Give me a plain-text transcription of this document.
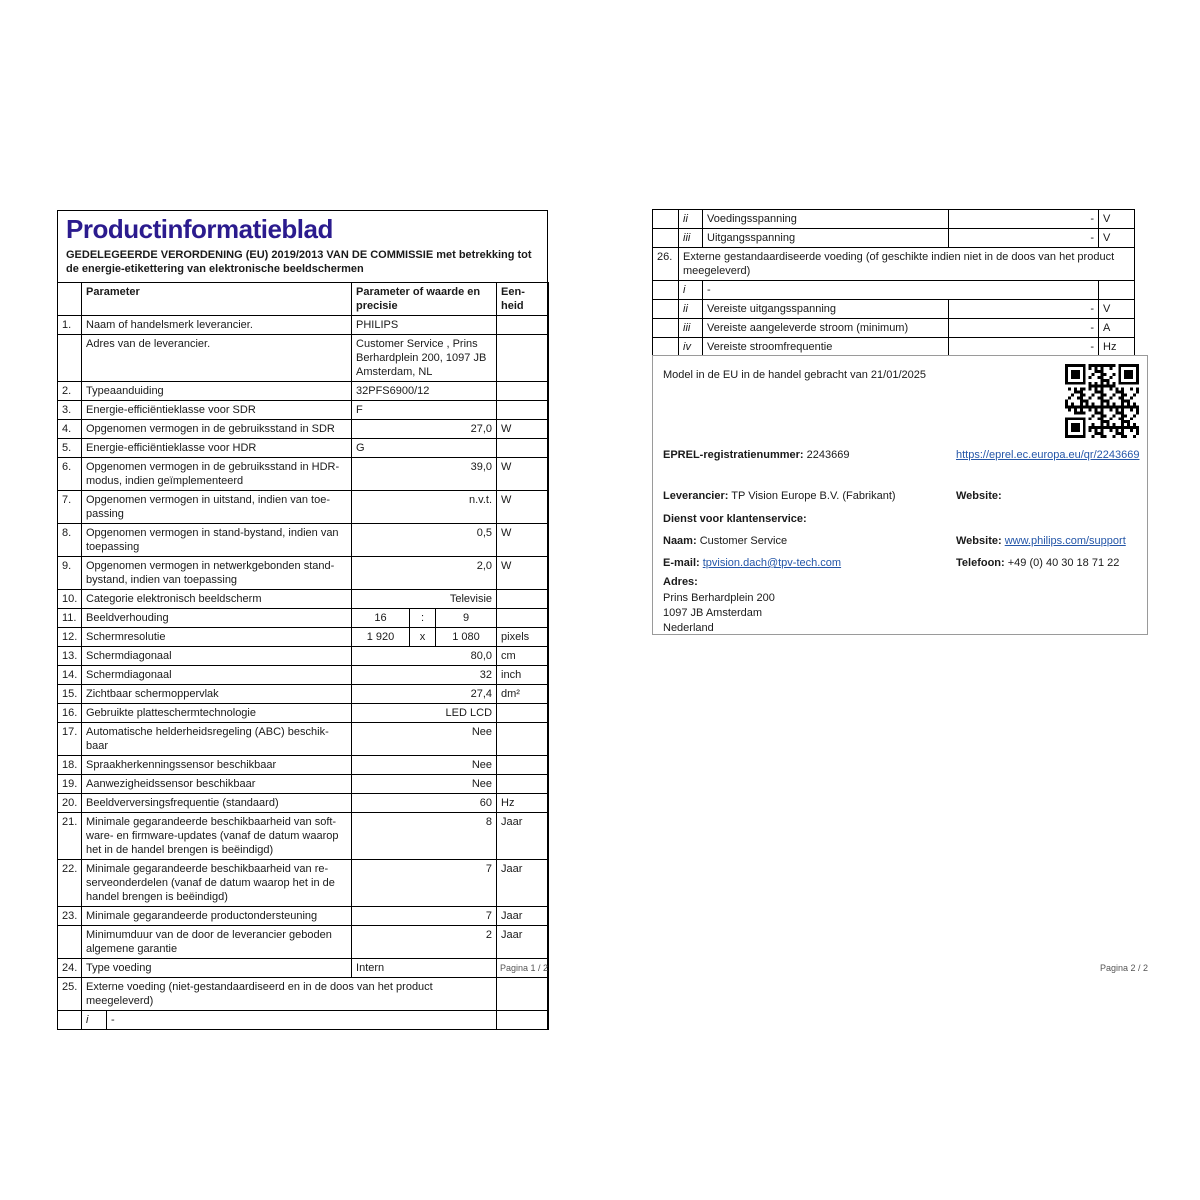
Productinformatieblad

GEDELEGEERDE VERORDENING (EU) 2019/2013 VAN DE COMMISSIE met betrekking tot de energie-etikettering van elektronische beeldschermen

	Parameter		Parameter of waarde en precisie			Een-heid
1.	Naam of handelsmerk leverancier.		PHILIPS			
	Adres van de leverancier.		Customer Service , Prins Berhardplein 200, 1097 JB Amsterdam, NL			
2.	Typeaanduiding		32PFS6900/12			
3.	Energie-efficiëntieklasse voor SDR		F			
4.	Opgenomen vermogen in de gebruiksstand in SDR		27,0			W
5.	Energie-efficiëntieklasse voor HDR		G			
6.	Opgenomen vermogen in de gebruiksstand in HDR-modus, indien geïmplementeerd		39,0			W
7.	Opgenomen vermogen in uitstand, indien van toe-passing		n.v.t.			W
8.	Opgenomen vermogen in stand-bystand, indien van toepassing		0,5			W
9.	Opgenomen vermogen in netwerkgebonden stand-bystand, indien van toepassing		2,0			W
10.	Categorie elektronisch beeldscherm		Televisie			
11.	Beeldverhouding		16	:	9	
12.	Schermresolutie		1 920	x	1 080	pixels
13.	Schermdiagonaal		80,0			cm
14.	Schermdiagonaal		32			inch
15.	Zichtbaar schermoppervlak		27,4			dm²
16.	Gebruikte platteschermtechnologie		LED LCD			
17.	Automatische helderheidsregeling (ABC) beschik-baar		Nee			
18.	Spraakherkenningssensor beschikbaar		Nee			
19.	Aanwezigheidssensor beschikbaar		Nee			
20.	Beeldverversingsfrequentie (standaard)		60			Hz
21.	Minimale gegarandeerde beschikbaarheid van soft-ware- en firmware-updates (vanaf de datum waarop het in de handel brengen is beëindigd)		8			Jaar
22.	Minimale gegarandeerde beschikbaarheid van re-serveonderdelen (vanaf de datum waarop het in de handel brengen is beëindigd)		7			Jaar
23.	Minimale gegarandeerde productondersteuning		7			Jaar
	Minimumduur van de door de leverancier geboden algemene garantie		2			Jaar
24.	Type voeding		Intern			
25.	Externe voeding (niet-gestandaardiseerd en in de doos van het product meegeleverd)					
	i	-				
Pagina 1 / 2
	ii	Voedingsspanning	-	V
	iii	Uitgangsspanning	-	V
26.	Externe gestandaardiseerde voeding (of geschikte indien niet in de doos van het product meegeleverd)			
	i	-		
	ii	Vereiste uitgangsspanning	-	V
	iii	Vereiste aangeleverde stroom (minimum)	-	A
	iv	Vereiste stroomfrequentie	-	Hz
Model in de EU in de handel gebracht van 21/01/2025
EPREL-registratienummer: 2243669	https://eprel.ec.europa.eu/qr/2243669
Leverancier: TP Vision Europe B.V. (Fabrikant)	Website:
Dienst voor klantenservice:
Naam: Customer Service	Website: www.philips.com/support
E-mail: tpvision.dach@tpv-tech.com	Telefoon: +49 (0) 40 30 18 71 22
Adres:
Prins Berhardplein 200
1097 JB Amsterdam
Nederland
Pagina 2 / 2
